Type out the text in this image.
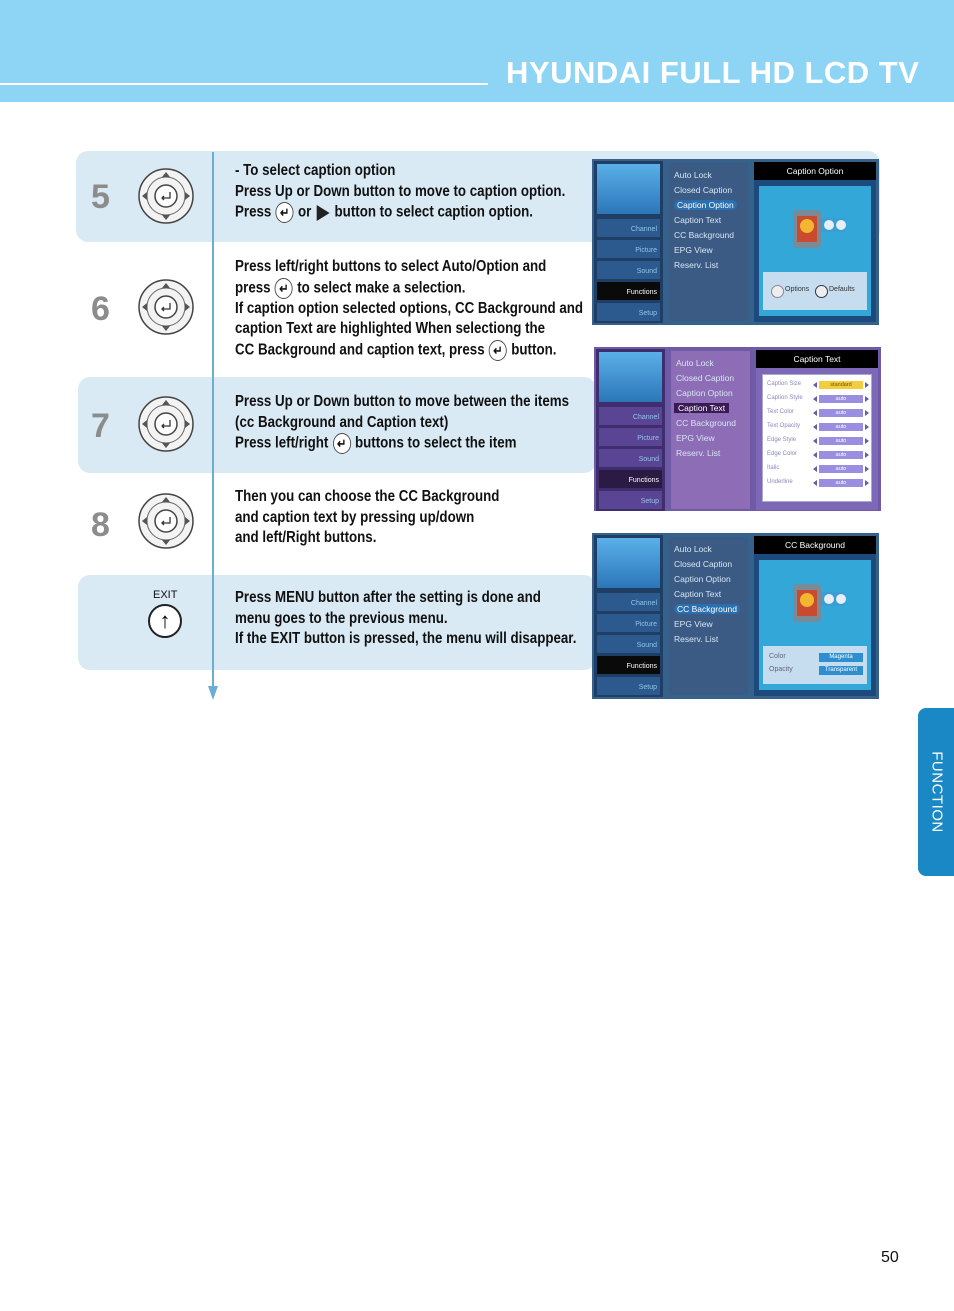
HYUNDAI FULL HD LCD TV
5
6
7
8
EXIT
↑
- To select caption option
Press Up or Down button to move to caption option.
Press ↵ or button to select caption option.
Press left/right buttons to select Auto/Option and
press ↵ to select make a selection.
If caption option selected options, CC Background and
caption Text are highlighted When selectiong the
CC Background and caption text, press ↵ button.
Press Up or Down button to move between the items
(cc Background and Caption text)
Press left/right ↵ buttons to select the item
Then you can choose the CC Background
and caption text by pressing up/down
and left/Right buttons.
Press MENU button after the setting is done and
menu goes to the previous menu.
If the EXIT button is pressed, the menu will disappear.
Channel
Picture
Sound
Functions
Setup
Auto Lock
Closed Caption
Caption Option
Caption Text
CC Background
EPG View
Reserv. List
Caption Option
Options	Defaults
Channel
Picture
Sound
Functions
Setup
Auto Lock
Closed Caption
Caption Option
Caption Text
CC Background
EPG View
Reserv. List
Caption Text
Caption Size	standard
Caption Style	auto
Text Color	auto
Text Opacity	auto
Edge Style	auto
Edge Color	auto
Italic	auto
Underline	auto
Channel
Picture
Sound
Functions
Setup
Auto Lock
Closed Caption
Caption Option
Caption Text
CC Background
EPG View
Reserv. List
CC Background
Color	Magenta
Opacity	Transparent
FUNCTION
50
